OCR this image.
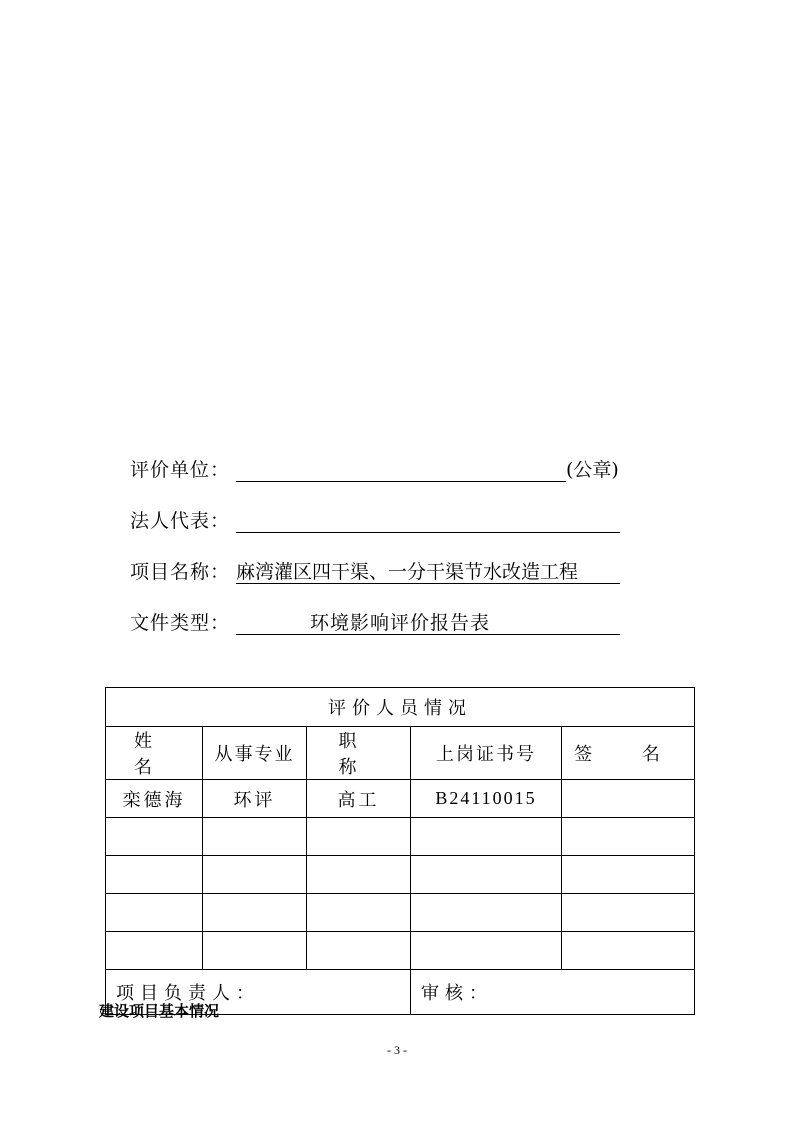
评价单位：	(公章)
法人代表：
项目名称： 麻湾灌区四干渠、一分干渠节水改造工程
文件类型：	环境影响评价报告表
评价人员情况				
姓 名	从事专业	职 称	上岗证书号	签 名
栾德海	环评	高工	B24110015	

项目负责人：			审核：	
建设项目基本情况
- 3 -
